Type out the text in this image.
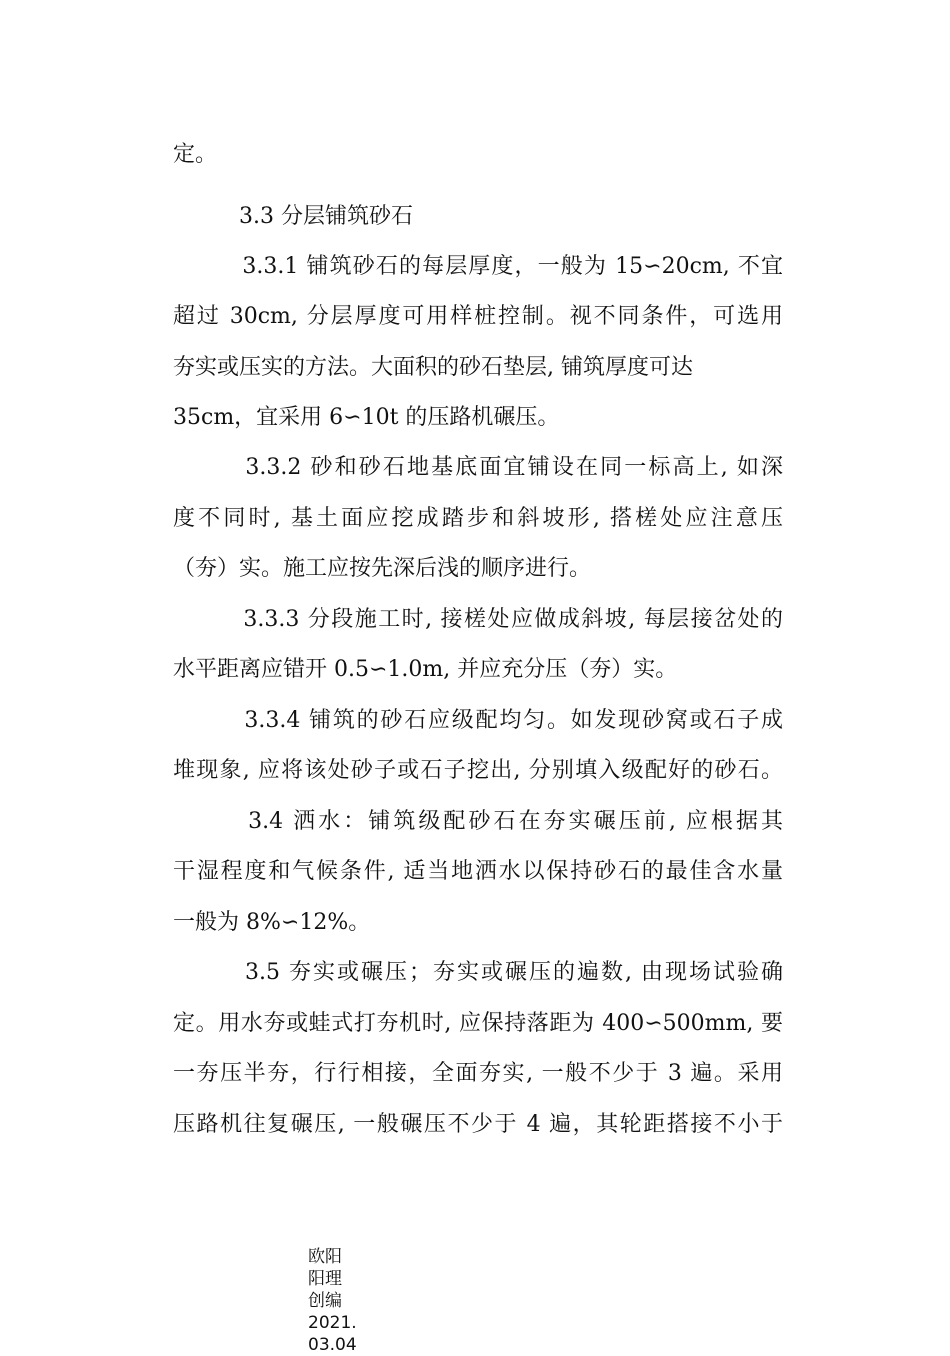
定。
　　　3.3 分层铺筑砂石
　　　3.3.1 铺筑砂石的每层厚度，一般为 15∽20cm, 不宜
超过 30cm, 分层厚度可用样桩控制。视不同条件，可选用
夯实或压实的方法。大面积的砂石垫层, 铺筑厚度可达
35cm，宜采用 6∽10t 的压路机碾压。
　　　3.3.2 砂和砂石地基底面宜铺设在同一标高上, 如深
度不同时, 基土面应挖成踏步和斜坡形, 搭槎处应注意压
（夯）实。施工应按先深后浅的顺序进行。
　　　3.3.3 分段施工时, 接槎处应做成斜坡, 每层接岔处的
水平距离应错开 0.5∽1.0m, 并应充分压（夯）实。
　　　3.3.4 铺筑的砂石应级配均匀。如发现砂窝或石子成
堆现象, 应将该处砂子或石子挖出, 分别填入级配好的砂石。
　　　3.4 洒水：铺筑级配砂石在夯实碾压前, 应根据其
干湿程度和气候条件, 适当地洒水以保持砂石的最佳含水量
一般为 8%∽12%。
　　　3.5 夯实或碾压；夯实或碾压的遍数, 由现场试验确
定。用水夯或蛙式打夯机时, 应保持落距为 400∽500mm, 要
一夯压半夯，行行相接，全面夯实, 一般不少于 3 遍。采用
压路机往复碾压, 一般碾压不少于 4 遍，其轮距搭接不小于
欧阳
阳理
创编
2021.
03.04
